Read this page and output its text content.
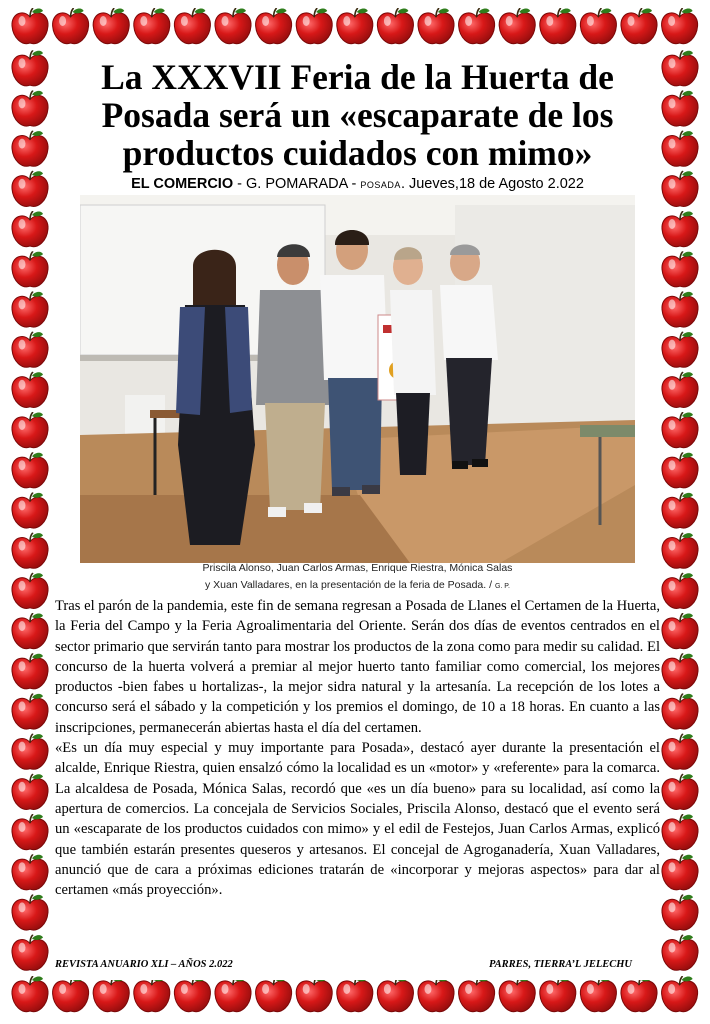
La XXXVII Feria de la Huerta de
Posada será un «escaparate de los
productos cuidados con mimo»
EL COMERCIO - G. POMARADA - POSADA. Jueves,18 de Agosto 2.022
Priscila Alonso, Juan Carlos Armas, Enrique Riestra, Mónica Salas
y Xuan Valladares, en la presentación de la feria de Posada. / G. P.

Tras el parón de la pandemia, este fin de semana regresan a Posada de Llanes el Certamen de la Huerta, la Feria del Campo y la Feria Agroalimentaria del Oriente. Serán dos días de eventos centrados en el sector primario que servirán tanto para mostrar los productos de la zona como para medir su calidad. El concurso de la huerta volverá a premiar al mejor huerto tanto familiar como comercial, los mejores productos -bien fabes u hortalizas-, la mejor sidra natural y la artesanía. La recepción de los lotes a concurso será el sábado y la competición y los premios el domingo, de 10 a 18 horas. En cuanto a las inscripciones, permanecerán abiertas hasta el día del certamen.

«Es un día muy especial y muy importante para Posada», destacó ayer durante la presentación el alcalde, Enrique Riestra, quien ensalzó cómo la localidad es un «motor» y «referente» para la comarca. La alcaldesa de Posada, Mónica Salas, recordó que «es un día bueno» para su localidad, así como la apertura de comercios. La concejala de Servicios Sociales, Priscila Alonso, destacó que el evento será un «escaparate de los productos cuidados con mimo» y el edil de Festejos, Juan Carlos Armas, explicó que también estarán presentes queseros y artesanos. El concejal de Agroganadería, Xuan Valladares, anunció que de cara a próximas ediciones tratarán de «incorporar y mejoras aspectos» para dar al certamen «más proyección».

REVISTA ANUARIO XLI – AÑOS 2.022	PARRES, TIERRA’L JELECHU
